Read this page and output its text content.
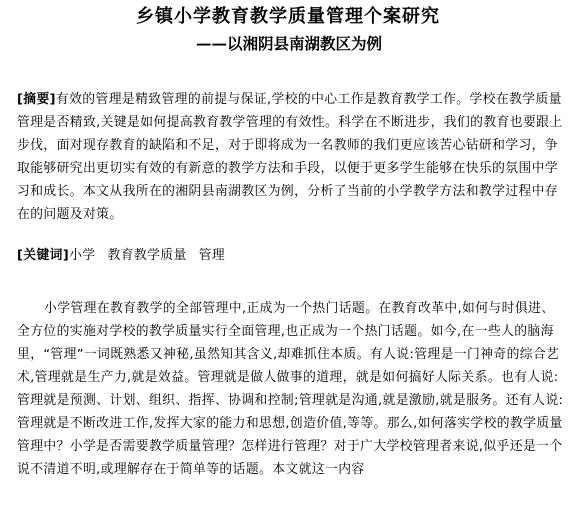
乡镇小学教育教学质量管理个案研究
——以湘阴县南湖教区为例
[摘要]有效的管理是精致管理的前提与保证,学校的中心工作是教育教学工作。学校在教学质量管理是否精致,关键是如何提高教育教学管理的有效性。科学在不断进步，我们的教育也要跟上步伐，面对现存教育的缺陷和不足，对于即将成为一名教师的我们更应该苦心钻研和学习，争取能够研究出更切实有效的有新意的教学方法和手段，以便于更多学生能够在快乐的氛围中学习和成长。本文从我所在的湘阴县南湖教区为例，分析了当前的小学教学方法和教学过程中存在的问题及对策。
[关键词]小学 教育教学质量 管理
小学管理在教育教学的全部管理中,正成为一个热门话题。在教育改革中,如何与时俱进、全方位的实施对学校的教学质量实行全面管理,也正成为一个热门话题。如今,在一些人的脑海里，“管理”一词既熟悉又神秘,虽然知其含义,却难抓住本质。有人说:管理是一门神奇的综合艺术,管理就是生产力,就是效益。管理就是做人做事的道理，就是如何搞好人际关系。也有人说:管理就是预测、计划、组织、指挥、协调和控制;管理就是沟通,就是激励,就是服务。还有人说:管理就是不断改进工作,发挥大家的能力和思想,创造价值,等等。那么,如何落实学校的教学质量管理中？小学是否需要教学质量管理？怎样进行管理？对于广大学校管理者来说,似乎还是一个说不清道不明,或理解存在于简单等的话题。本文就这一内容
